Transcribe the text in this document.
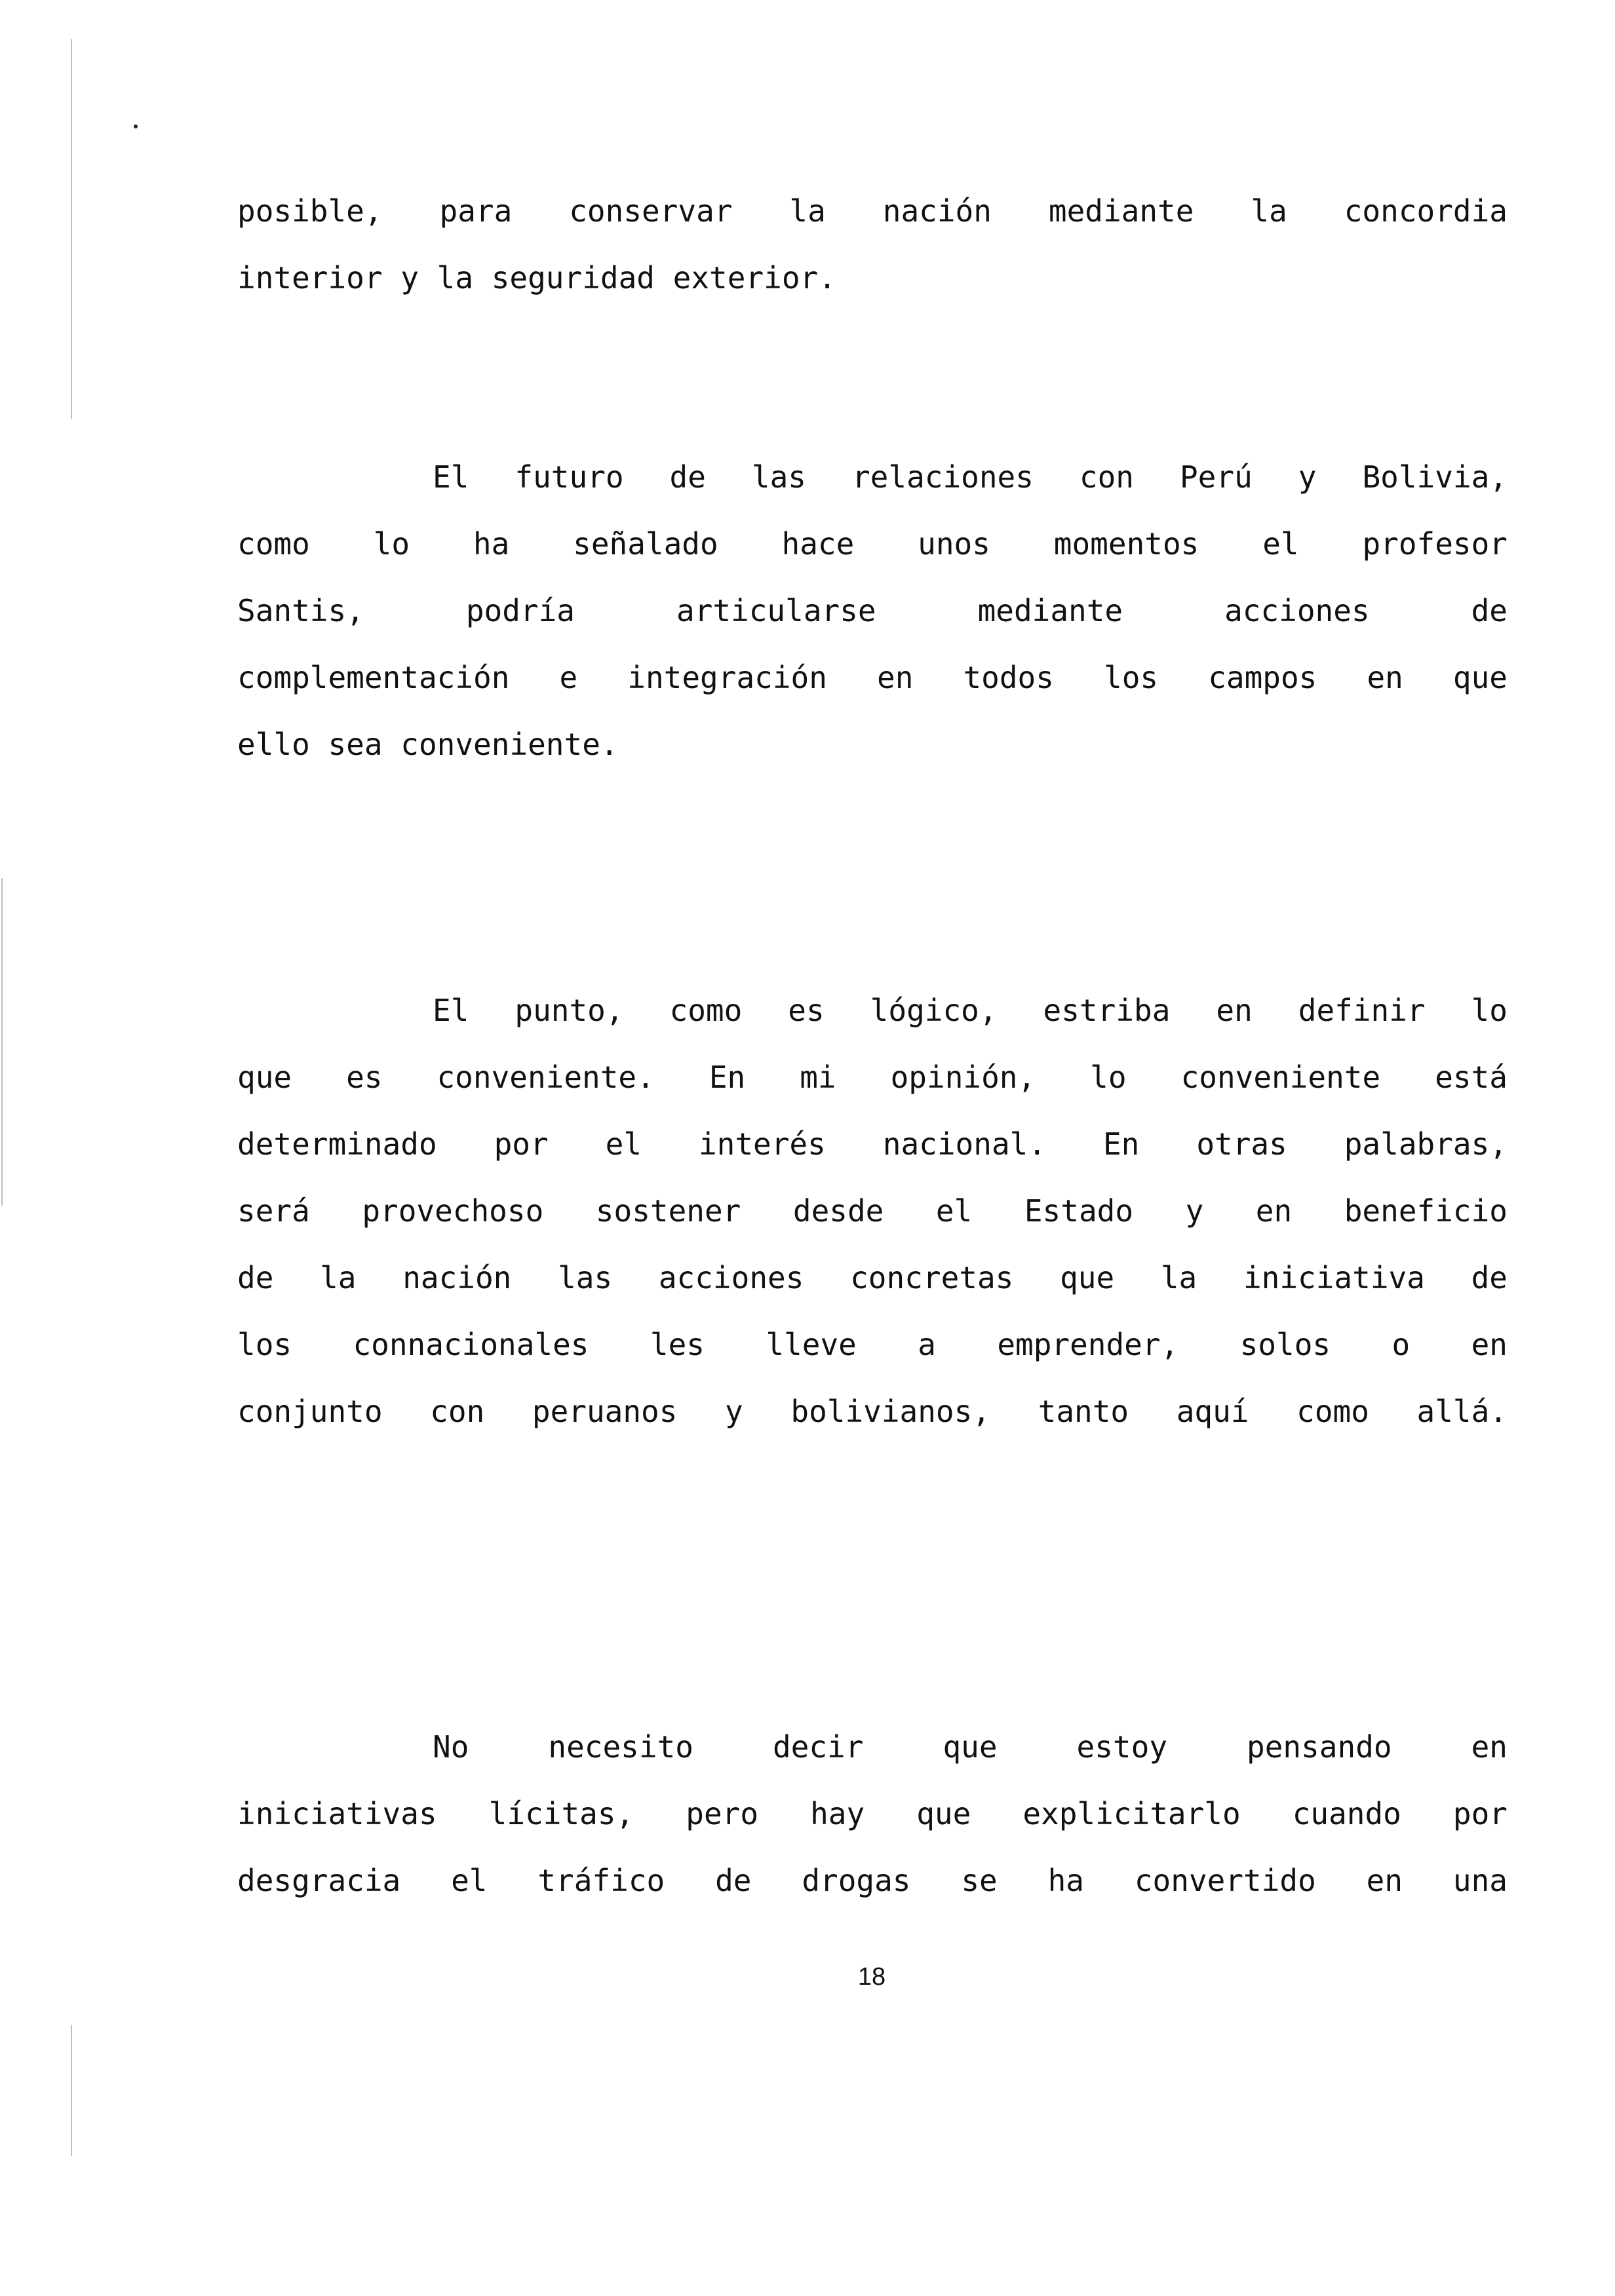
posible, para conservar la nación mediante la concordia
interior y la seguridad exterior.
El futuro de las relaciones con Perú y Bolivia,
como lo ha señalado hace unos momentos el profesor
Santis, podría articularse mediante acciones de
complementación e integración en todos los campos en que
ello sea conveniente.
El punto, como es lógico, estriba en definir lo
que es conveniente. En mi opinión, lo conveniente está
determinado por el interés nacional. En otras palabras,
será provechoso sostener desde el Estado y en beneficio
de la nación las acciones concretas que la iniciativa de
los connacionales les lleve a emprender, solos o en
conjunto con peruanos y bolivianos, tanto aquí como allá.
No necesito decir que estoy pensando en
iniciativas lícitas, pero hay que explicitarlo cuando por
desgracia el tráfico de drogas se ha convertido en una
18
